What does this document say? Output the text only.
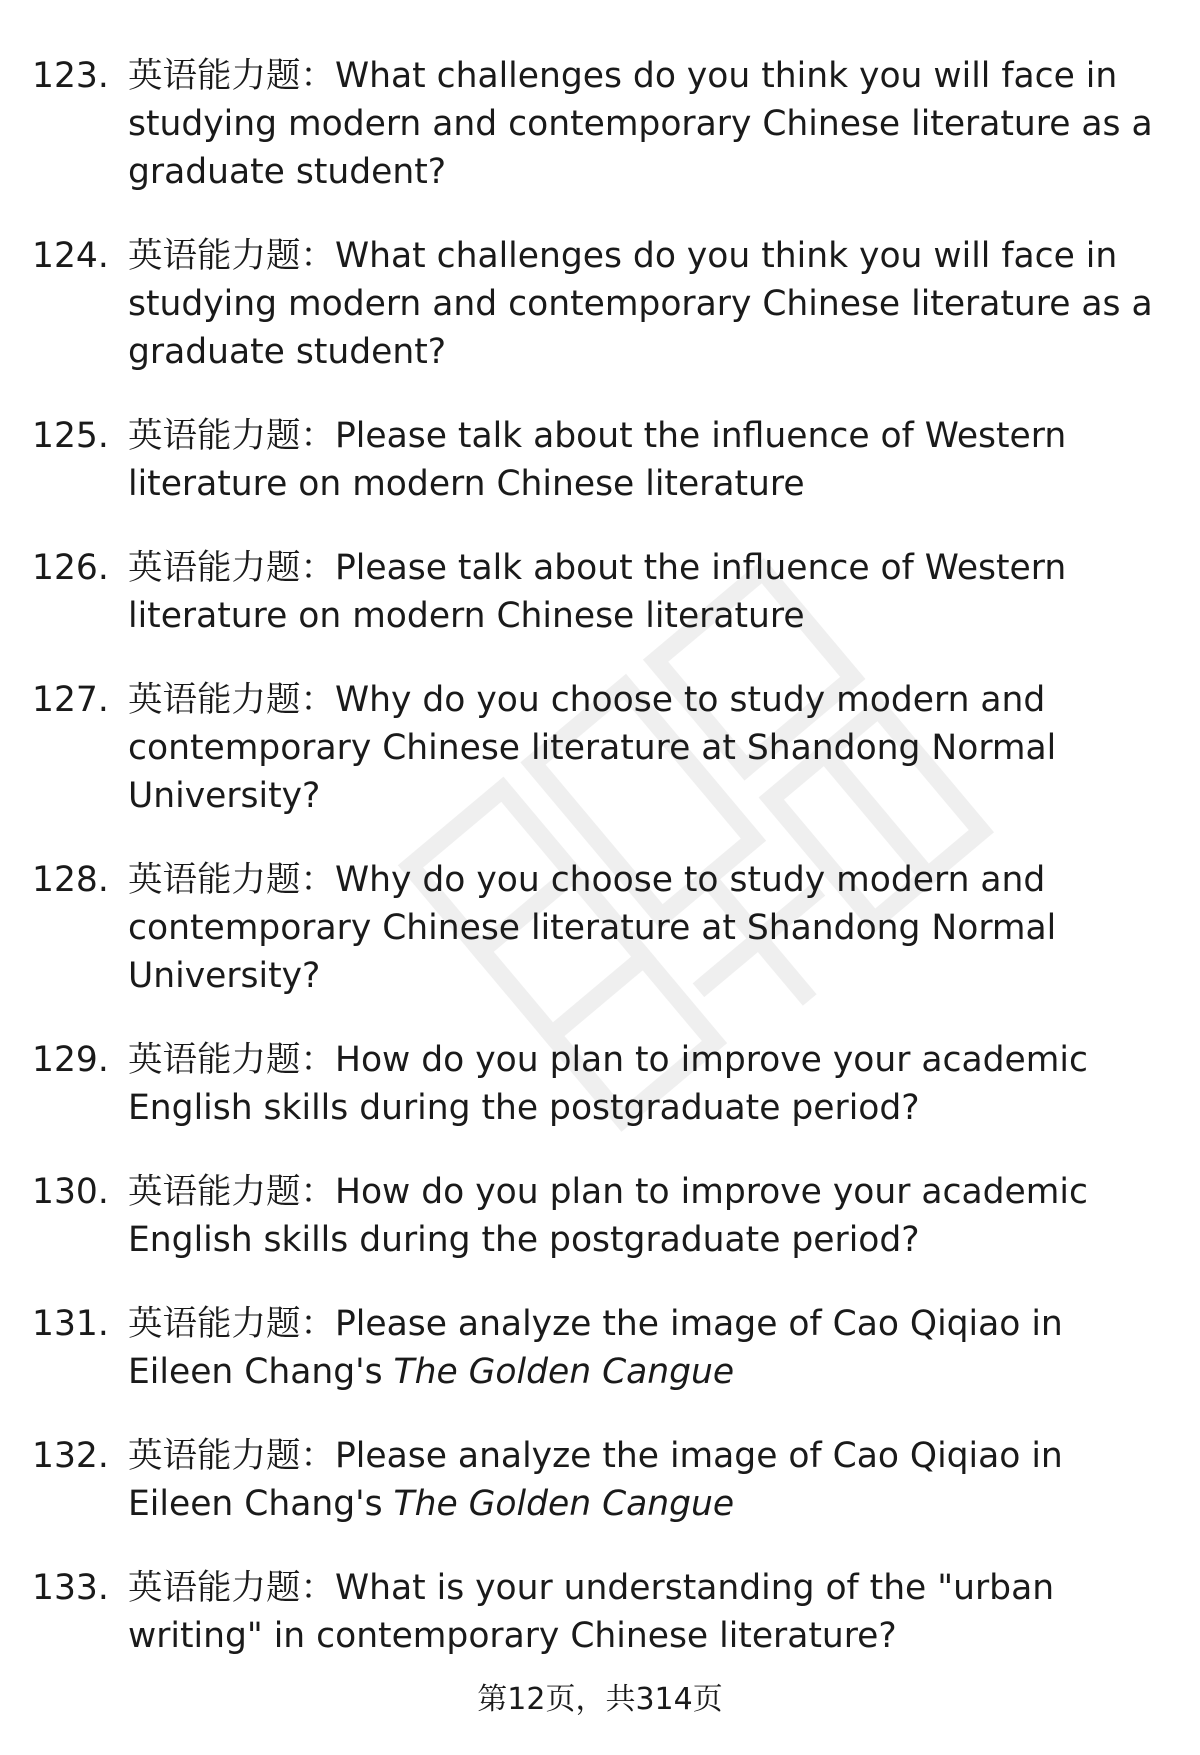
123. 英语能力题：What challenges do you think you will face in studying modern and contemporary Chinese literature as a graduate student?
124. 英语能力题：What challenges do you think you will face in studying modern and contemporary Chinese literature as a graduate student?
125. 英语能力题：Please talk about the influence of Western literature on modern Chinese literature
126. 英语能力题：Please talk about the influence of Western literature on modern Chinese literature
127. 英语能力题：Why do you choose to study modern and contemporary Chinese literature at Shandong Normal University?
128. 英语能力题：Why do you choose to study modern and contemporary Chinese literature at Shandong Normal University?
129. 英语能力题：How do you plan to improve your academic English skills during the postgraduate period?
130. 英语能力题：How do you plan to improve your academic English skills during the postgraduate period?
131. 英语能力题：Please analyze the image of Cao Qiqiao in Eileen Chang's The Golden Cangue
132. 英语能力题：Please analyze the image of Cao Qiqiao in Eileen Chang's The Golden Cangue
133. 英语能力题：What is your understanding of the "urban writing" in contemporary Chinese literature?
第12页，共314页
